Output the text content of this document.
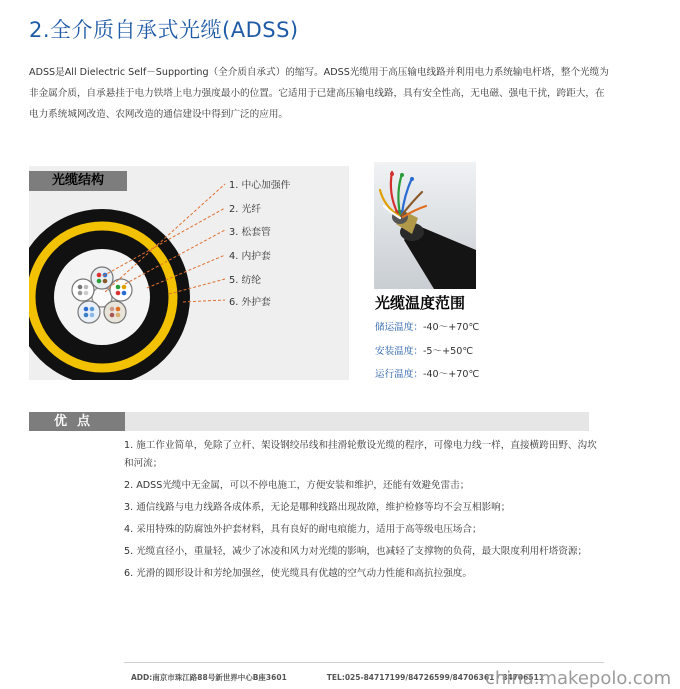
2.全介质自承式光缆(ADSS)
ADSS是All Dielectric Self－Supporting（全介质自承式）的缩写。ADSS光缆用于高压输电线路并利用电力系统输电杆塔，整个光缆为非金属介质，自承悬挂于电力铁塔上电力强度最小的位置。它适用于已建高压输电线路，具有安全性高，无电磁、强电干扰，跨距大，在电力系统城网改造、农网改造的通信建设中得到广泛的应用。
光缆结构	1. 中心加强件
2. 光纤
3. 松套管
4. 内护套
5. 纺纶
6. 外护套	光缆温度范围
储运温度：-40～+70℃
安装温度：-5～+50℃
运行温度：-40～+70℃
优点

1. 施工作业简单，免除了立杆、架设钢绞吊线和挂滑轮敷设光缆的程序，可像电力线一样，直接横跨田野、沟坎和河流；

2. ADSS光缆中无金属，可以不停电施工，方便安装和维护，还能有效避免雷击；

3. 通信线路与电力线路各成体系，无论是哪种线路出现故障，维护检修等均不会互相影响；

4. 采用特殊的防腐蚀外护套材料，具有良好的耐电痕能力，适用于高等级电压场合；

5. 光缆直径小，重量轻，减少了冰凌和风力对光缆的影响，也减轻了支撑物的负荷，最大限度利用杆塔资源；

6. 光滑的圆形设计和芳纶加强丝，使光缆具有优越的空气动力性能和高抗拉强度。

ADD:南京市珠江路88号新世界中心B座3601	TEL:025-84717199/84726599/84706361 / 84706511
china.makepolo.com
